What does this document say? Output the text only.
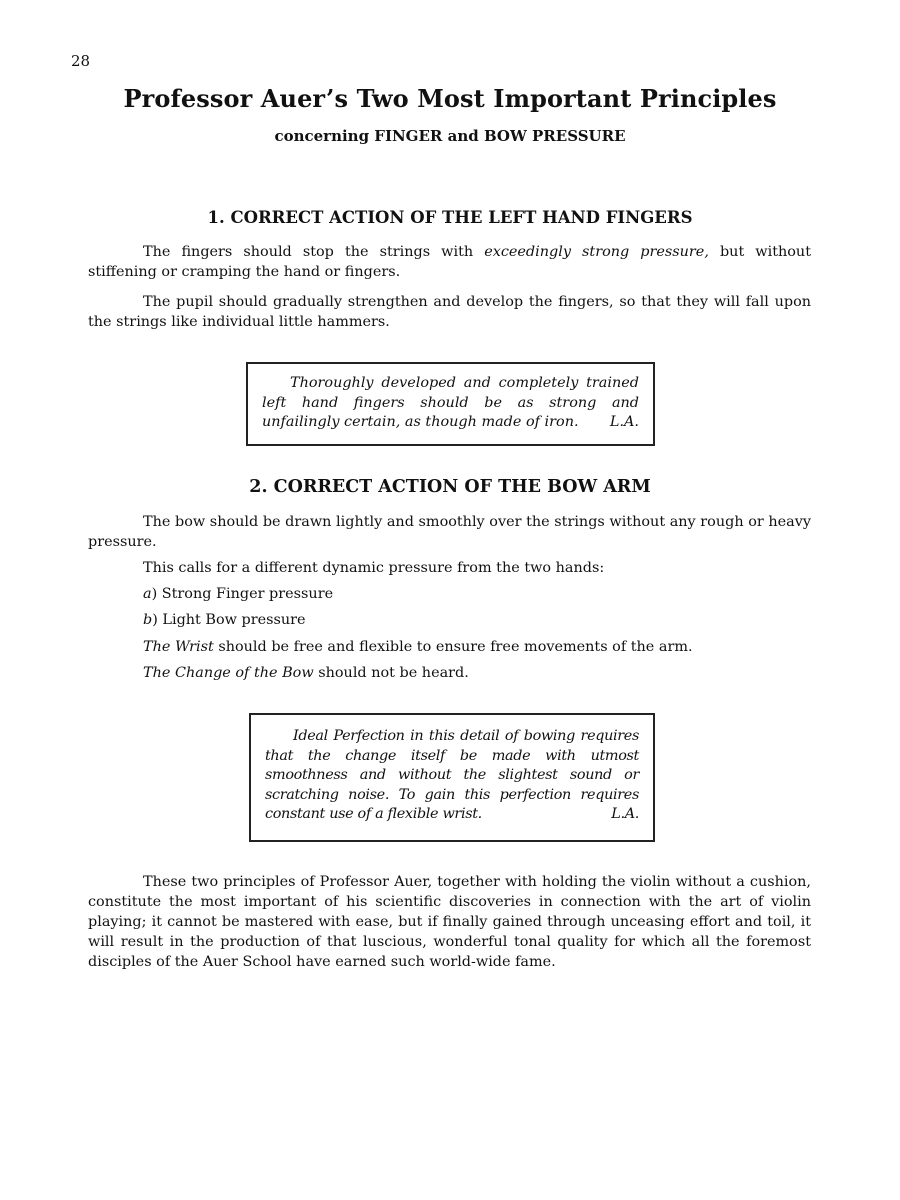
28
Professor Auer’s Two Most Important Principles
concerning FINGER and BOW PRESSURE
1. CORRECT ACTION OF THE LEFT HAND FINGERS

The fingers should stop the strings with exceedingly strong pressure, but without stiffening or cramping the hand or fingers.

The pupil should gradually strengthen and develop the fingers, so that they will fall upon the strings like individual little hammers.

Thoroughly developed and completely trained left hand fingers should be as strong and unfailingly certain, as though made of iron.	L.A.
2. CORRECT ACTION OF THE BOW ARM

The bow should be drawn lightly and smoothly over the strings without any rough or heavy pressure.

This calls for a different dynamic pressure from the two hands:
a) Strong Finger pressure
b) Light Bow pressure
The Wrist should be free and flexible to ensure free movements of the arm.
The Change of the Bow should not be heard.
Ideal Perfection in this detail of bowing requires that the change itself be made with utmost smoothness and without the slightest sound or scratching noise. To gain this perfection requires constant use of a flexible wrist.	L.A.

These two principles of Professor Auer, together with holding the violin without a cushion, constitute the most important of his scientific discoveries in connection with the art of violin playing; it cannot be mastered with ease, but if finally gained through unceasing effort and toil, it will result in the production of that luscious, wonderful tonal quality for which all the foremost disciples of the Auer School have earned such world-wide fame.
